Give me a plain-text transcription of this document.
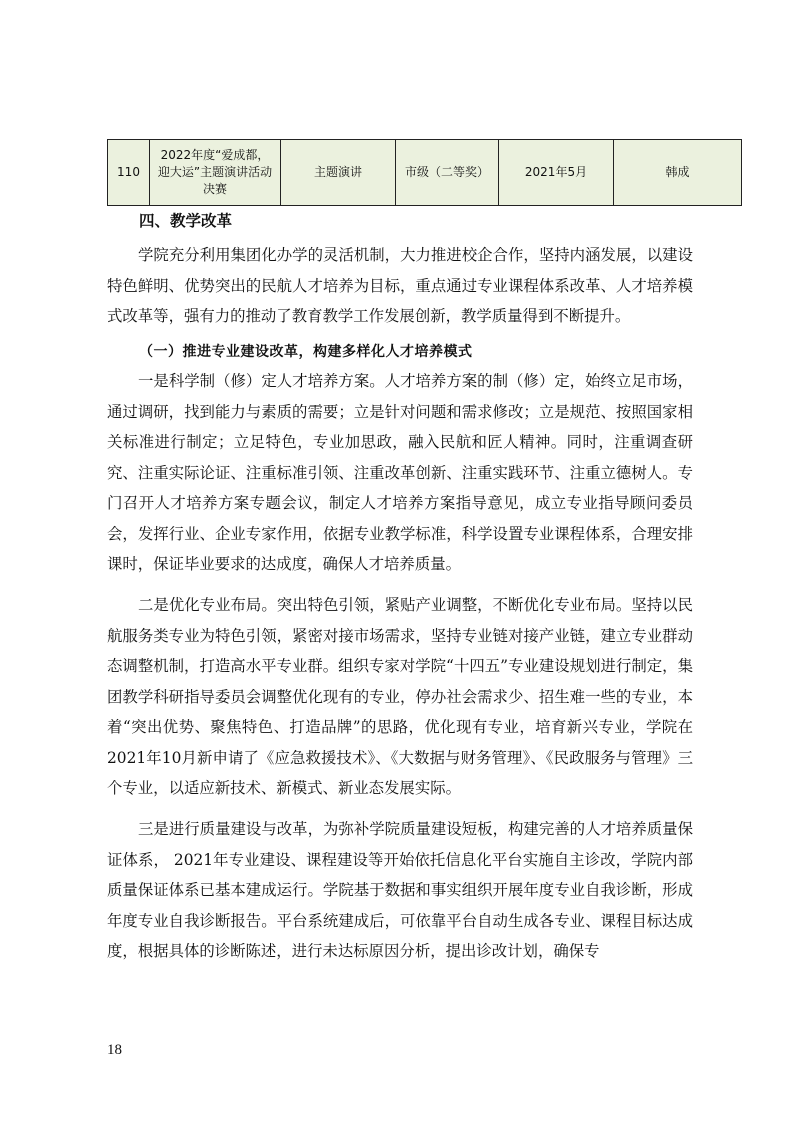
110	2022年度“爱成都，
迎大运”主题演讲活动
决赛	主题演讲	市级（二等奖）	2021年5月	韩成
四、教学改革

学院充分利用集团化办学的灵活机制，大力推进校企合作，坚持内涵发展，以建设特色鲜明、优势突出的民航人才培养为目标，重点通过专业课程体系改革、人才培养模式改革等，强有力的推动了教育教学工作发展创新，教学质量得到不断提升。

（一）推进专业建设改革，构建多样化人才培养模式

一是科学制（修）定人才培养方案。人才培养方案的制（修）定，始终立足市场，通过调研，找到能力与素质的需要；立是针对问题和需求修改；立是规范、按照国家相关标准进行制定；立足特色，专业加思政，融入民航和匠人精神。同时，注重调查研究、注重实际论证、注重标准引领、注重改革创新、注重实践环节、注重立德树人。专门召开人才培养方案专题会议，制定人才培养方案指导意见，成立专业指导顾问委员会，发挥行业、企业专家作用，依据专业教学标准，科学设置专业课程体系，合理安排课时，保证毕业要求的达成度，确保人才培养质量。

二是优化专业布局。突出特色引领，紧贴产业调整，不断优化专业布局。坚持以民航服务类专业为特色引领，紧密对接市场需求，坚持专业链对接产业链，建立专业群动态调整机制，打造高水平专业群。组织专家对学院“十四五”专业建设规划进行制定，集团教学科研指导委员会调整优化现有的专业，停办社会需求少、招生难一些的专业，本着“突出优势、聚焦特色、打造品牌”的思路，优化现有专业，培育新兴专业，学院在2021年10月新申请了《应急救援技术》、《大数据与财务管理》、《民政服务与管理》三个专业，以适应新技术、新模式、新业态发展实际。

三是进行质量建设与改革，为弥补学院质量建设短板，构建完善的人才培养质量保证体系， 2021年专业建设、课程建设等开始依托信息化平台实施自主诊改，学院内部质量保证体系已基本建成运行。学院基于数据和事实组织开展年度专业自我诊断，形成年度专业自我诊断报告。平台系统建成后，可依靠平台自动生成各专业、课程目标达成度，根据具体的诊断陈述，进行未达标原因分析，提出诊改计划，确保专

18
